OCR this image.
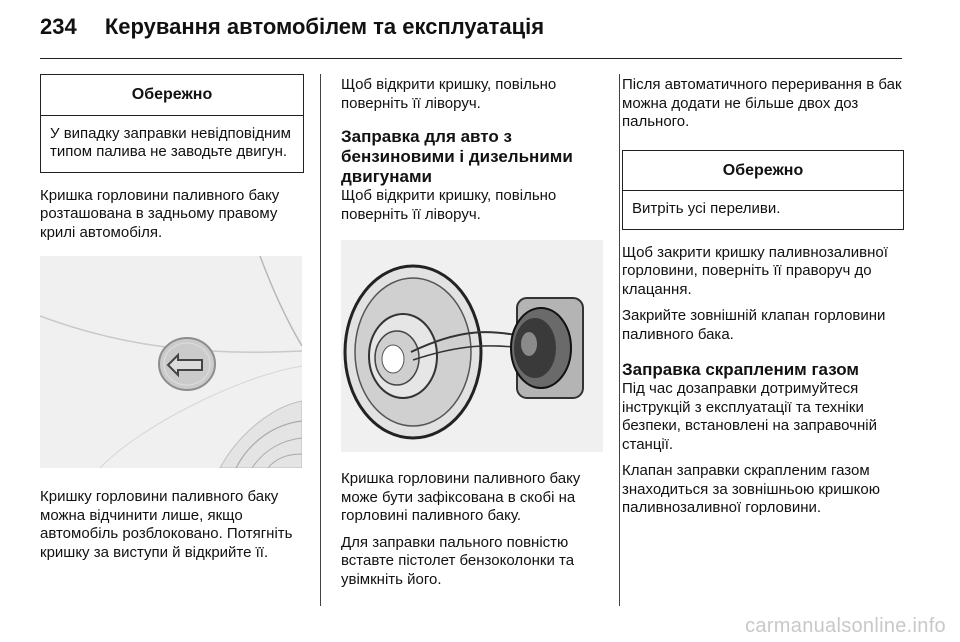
234 Керування автомобілем та експлуатація
Обережно
У випадку заправки невідповідним типом палива не заводьте двигун.

Кришка горловини паливного баку розташована в задньому правому крилі автомобіля.

Кришку горловини паливного баку можна відчинити лише, якщо автомобіль розблоковано. Потягніть кришку за виступи й відкрийте її.

Щоб відкрити кришку, повільно поверніть її ліворуч.

Заправка для авто з бензиновими і дизельними двигунами

Щоб відкрити кришку, повільно поверніть її ліворуч.

Кришка горловини паливного баку може бути зафіксована в скобі на горловині паливного баку.

Для заправки пального повністю вставте пістолет бензоколонки та увімкніть його.

Після автоматичного переривання в бак можна додати не більше двох доз пального.

Обережно
Витріть усі переливи.

Щоб закрити кришку паливнозаливної горловини, поверніть її праворуч до клацання.

Закрийте зовнішній клапан горловини паливного бака.

Заправка скрапленим газом

Під час дозаправки дотримуйтеся інструкцій з експлуатації та техніки безпеки, встановлені на заправочній станції.

Клапан заправки скрапленим газом знаходиться за зовнішньою кришкою паливнозаливної горловини.

carmanualsonline.info
